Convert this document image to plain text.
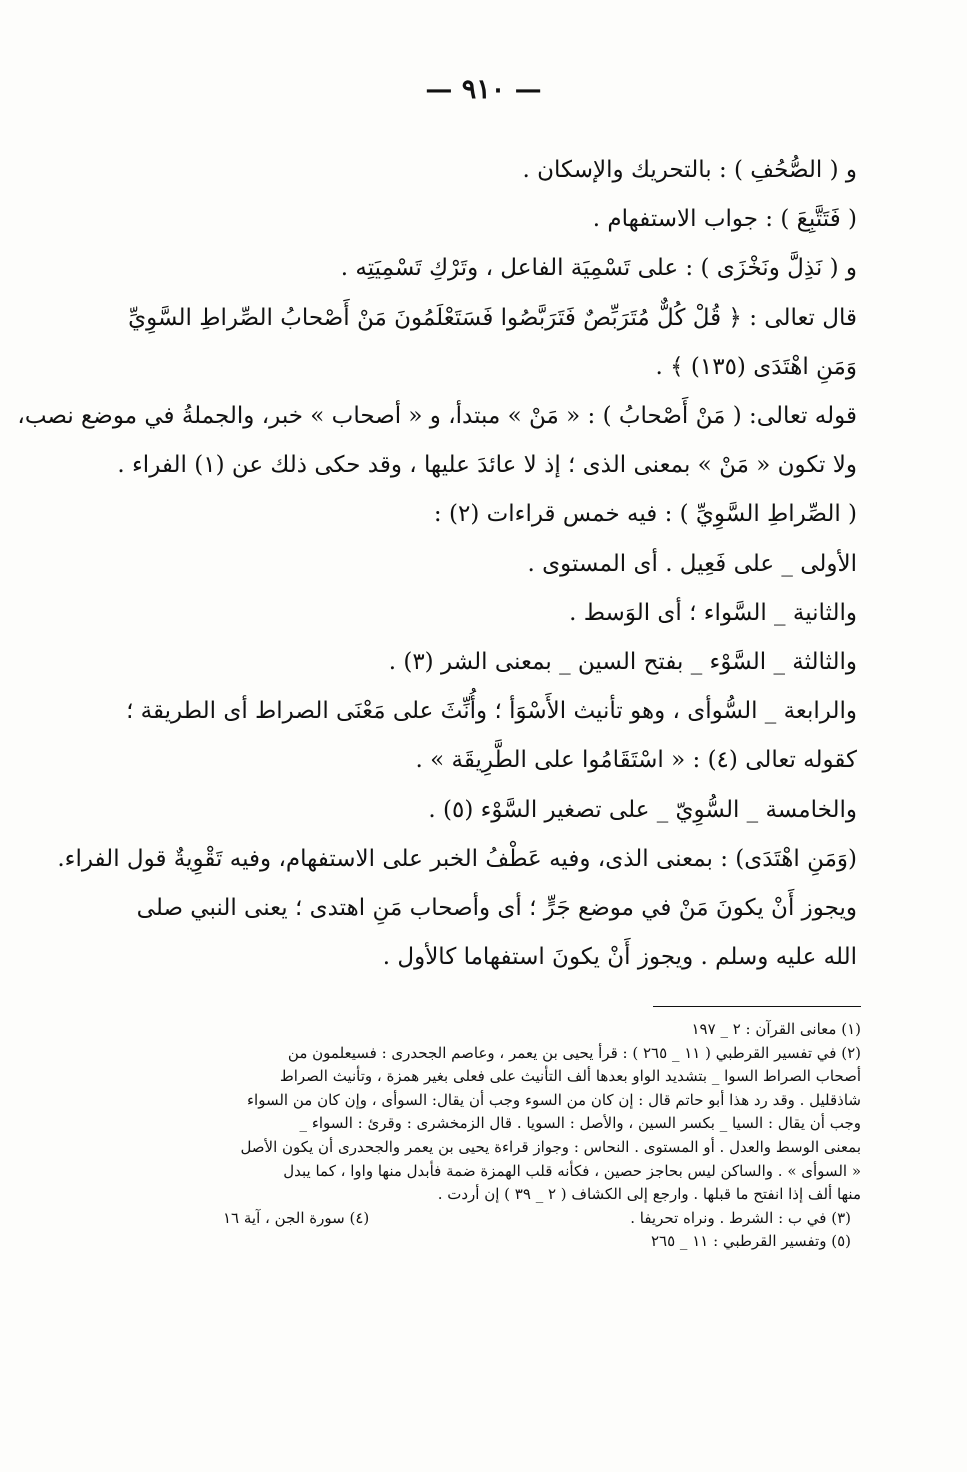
— ٩١٠ —
و ( الصُّحُفِ ) : بالتحريك والإسكان .
( فَتَتَّبِعَ ) : جواب الاستفهام .
و ( نَذِلَّ ونَخْزَى ) : على تَسْمِيَة الفاعل ، وتَرْكِ تَسْمِيَتِه .
قال تعالى : ﴿ قُلْ كُلٌّ مُتَرَبِّصٌ فَتَرَبَّصُوا فَسَتَعْلَمُونَ مَنْ أَصْحابُ الصِّراطِ السَّوِيِّ
وَمَنِ اهْتَدَى (١٣٥) ﴾ .
قوله تعالى: ( مَنْ أَصْحابُ ) : « مَنْ » مبتدأ، و « أصحاب » خبر، والجملةُ في موضع نصب،
ولا تكون « مَنْ » بمعنى الذى ؛ إذ لا عائدَ عليها ، وقد حكى ذلك عن (١) الفراء .
( الصِّراطِ السَّوِيِّ ) : فيه خمس قراءات (٢) :
الأولى _ على فَعِيل . أى المستوى .
والثانية _ السَّواء ؛ أى الوَسط .
والثالثة _ السَّوْء _ بفتح السين _ بمعنى الشر (٣) .
والرابعة _ السُّوأى ، وهو تأنيث الأَسْوَأ ؛ وأُنِّثَ على مَعْنَى الصراط أى الطريقة ؛
كقوله تعالى (٤) : « اسْتَقَامُوا على الطَّرِيقَة » .
والخامسة _ السُّوِيّ _ على تصغير السَّوْء (٥) .
(وَمَنِ اهْتَدَى) : بمعنى الذى، وفيه عَطْفُ الخبر على الاستفهام، وفيه تَقْوِيةٌ قول الفراء.
ويجوز أَنْ يكونَ مَنْ في موضع جَرٍّ ؛ أى وأصحاب مَنِ اهتدى ؛ يعنى النبي صلى
الله عليه وسلم . ويجوز أَنْ يكونَ استفهاما كالأول .
(١) معانى القرآن : ٢ _ ١٩٧
(٢) في تفسير القرطبي ( ١١ _ ٢٦٥ ) : قرأ يحيى بن يعمر ، وعاصم الجحدرى : فسيعلمون من
أصحاب الصراط السوا _ بتشديد الواو بعدها ألف التأنيث على فعلى بغير همزة ، وتأنيث الصراط
شاذقليل . وقد رد هذا أبو حاتم قال : إن كان من السوء وجب أن يقال: السوأى ، وإن كان من السواء
وجب أن يقال : السيا _ بكسر السين ، والأصل : السويا . قال الزمخشرى : وقرئ : السواء _
بمعنى الوسط والعدل . أو المستوى . النحاس : وجواز قراءة يحيى بن يعمر والجحدرى أن يكون الأصل
« السوأى » . والساكن ليس بحاجز حصين ، فكأنه قلب الهمزة ضمة فأبدل منها واوا ، كما يبدل
منها ألف إذا انفتح ما قبلها . وارجع إلى الكشاف ( ٢ _ ٣٩ ) إن أردت .
(٣) في ب : الشرط . ونراه تحريفا .
(٤) سورة الجن ، آية ١٦
(٥) وتفسير القرطبي : ١١ _ ٢٦٥
